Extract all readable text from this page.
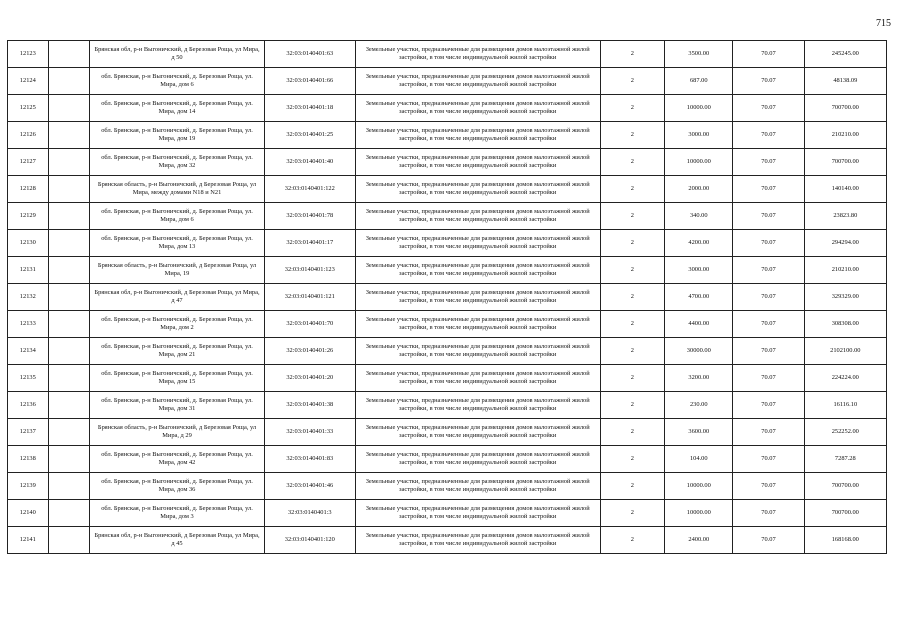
715
12123		Брянская обл, р-н Выгоничский, д Березовая Роща, ул Мира, д 50	32:03:0140401:63	Земельные участки, предназначенные для размещения домов малоэтажной жилой застройки, в том числе индивидуальной жилой застройки	2	3500.00	70.07	245245.00
12124		обл. Брянская, р-н Выгоничский, д. Березовая Роща, ул. Мира, дом 6	32:03:0140401:66	Земельные участки, предназначенные для размещения домов малоэтажной жилой застройки, в том числе индивидуальной жилой застройки	2	687.00	70.07	48138.09
12125		обл. Брянская, р-н Выгоничский, д. Березовая Роща, ул. Мира, дом 14	32:03:0140401:18	Земельные участки, предназначенные для размещения домов малоэтажной жилой застройки, в том числе индивидуальной жилой застройки	2	10000.00	70.07	700700.00
12126		обл. Брянская, р-н Выгоничский, д. Березовая Роща, ул. Мира, дом 19	32:03:0140401:25	Земельные участки, предназначенные для размещения домов малоэтажной жилой застройки, в том числе индивидуальной жилой застройки	2	3000.00	70.07	210210.00
12127		обл. Брянская, р-н Выгоничский, д. Березовая Роща, ул. Мира, дом 32	32:03:0140401:40	Земельные участки, предназначенные для размещения домов малоэтажной жилой застройки, в том числе индивидуальной жилой застройки	2	10000.00	70.07	700700.00
12128		Брянская область, р-н Выгоничский, д Березовая Роща, ул Мира, между домами N18 и N21	32:03:0140401:122	Земельные участки, предназначенные для размещения домов малоэтажной жилой застройки, в том числе индивидуальной жилой застройки	2	2000.00	70.07	140140.00
12129		обл. Брянская, р-н Выгоничский, д. Березовая Роща, ул. Мира, дом 6	32:03:0140401:78	Земельные участки, предназначенные для размещения домов малоэтажной жилой застройки, в том числе индивидуальной жилой застройки	2	340.00	70.07	23823.80
12130		обл. Брянская, р-н Выгоничский, д. Березовая Роща, ул. Мира, дом 13	32:03:0140401:17	Земельные участки, предназначенные для размещения домов малоэтажной жилой застройки, в том числе индивидуальной жилой застройки	2	4200.00	70.07	294294.00
12131		Брянская область, р-н Выгоничский, д Березовая Роща, ул Мира, 19	32:03:0140401:123	Земельные участки, предназначенные для размещения домов малоэтажной жилой застройки, в том числе индивидуальной жилой застройки	2	3000.00	70.07	210210.00
12132		Брянская обл, р-н Выгоничский, д Березовая Роща, ул Мира, д 47	32:03:0140401:121	Земельные участки, предназначенные для размещения домов малоэтажной жилой застройки, в том числе индивидуальной жилой застройки	2	4700.00	70.07	329329.00
12133		обл. Брянская, р-н Выгоничский, д. Березовая Роща, ул. Мира, дом 2	32:03:0140401:70	Земельные участки, предназначенные для размещения домов малоэтажной жилой застройки, в том числе индивидуальной жилой застройки	2	4400.00	70.07	308308.00
12134		обл. Брянская, р-н Выгоничский, д. Березовая Роща, ул. Мира, дом 21	32:03:0140401:26	Земельные участки, предназначенные для размещения домов малоэтажной жилой застройки, в том числе индивидуальной жилой застройки	2	30000.00	70.07	2102100.00
12135		обл. Брянская, р-н Выгоничский, д. Березовая Роща, ул. Мира, дом 15	32:03:0140401:20	Земельные участки, предназначенные для размещения домов малоэтажной жилой застройки, в том числе индивидуальной жилой застройки	2	3200.00	70.07	224224.00
12136		обл. Брянская, р-н Выгоничский, д. Березовая Роща, ул. Мира, дом 31	32:03:0140401:38	Земельные участки, предназначенные для размещения домов малоэтажной жилой застройки, в том числе индивидуальной жилой застройки	2	230.00	70.07	16116.10
12137		Брянская область, р-н Выгоничский, д Березовая Роща, ул Мира, д 29	32:03:0140401:33	Земельные участки, предназначенные для размещения домов малоэтажной жилой застройки, в том числе индивидуальной жилой застройки	2	3600.00	70.07	252252.00
12138		обл. Брянская, р-н Выгоничский, д. Березовая Роща, ул. Мира, дом 42	32:03:0140401:83	Земельные участки, предназначенные для размещения домов малоэтажной жилой застройки, в том числе индивидуальной жилой застройки	2	104.00	70.07	7287.28
12139		обл. Брянская, р-н Выгоничский, д. Березовая Роща, ул. Мира, дом 36	32:03:0140401:46	Земельные участки, предназначенные для размещения домов малоэтажной жилой застройки, в том числе индивидуальной жилой застройки	2	10000.00	70.07	700700.00
12140		обл. Брянская, р-н Выгоничский, д. Березовая Роща, ул. Мира, дом 3	32:03:0140401:3	Земельные участки, предназначенные для размещения домов малоэтажной жилой застройки, в том числе индивидуальной жилой застройки	2	10000.00	70.07	700700.00
12141		Брянская обл, р-н Выгоничский, д Березовая Роща, ул Мира, д 45	32:03:0140401:120	Земельные участки, предназначенные для размещения домов малоэтажной жилой застройки, в том числе индивидуальной жилой застройки	2	2400.00	70.07	168168.00
